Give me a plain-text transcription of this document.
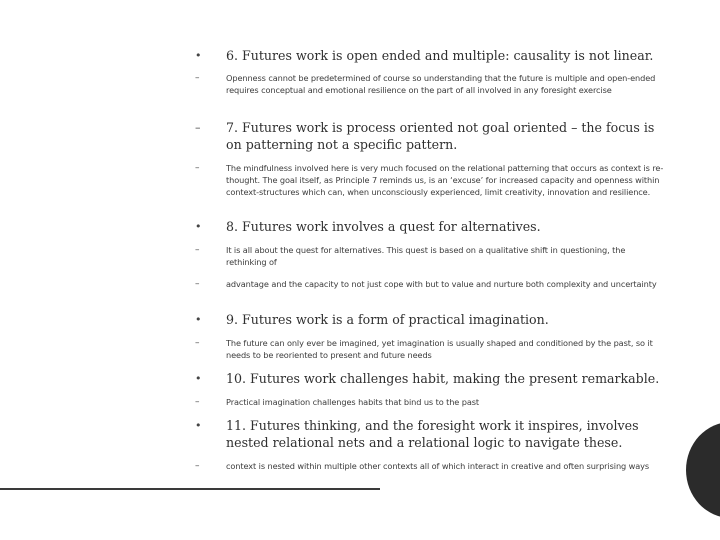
•	6. Futures work is open ended and multiple: causality is not linear.
–	Openness cannot be predetermined of course so understanding that the future is multiple and open-ended requires conceptual and emotional resilience on the part of all involved in any foresight exercise
–	7. Futures work is process oriented not goal oriented – the focus is on patterning not a specific pattern.
–	The mindfulness involved here is very much focused on the relational patterning that occurs as context is re-thought. The goal itself, as Principle 7 reminds us, is an ‘excuse’ for increased capacity and openness within context-structures which can, when unconsciously experienced, limit creativity, innovation and resilience.
•	8. Futures work involves a quest for alternatives.
–	It is all about the quest for alternatives. This quest is based on a qualitative shift in questioning, the rethinking of
–	advantage and the capacity to not just cope with but to value and nurture both complexity and uncertainty
•	9. Futures work is a form of practical imagination.
–	The future can only ever be imagined, yet imagination is usually shaped and conditioned by the past, so it needs to be reoriented to present and future needs
•	10. Futures work challenges habit, making the present remarkable.
–	Practical imagination challenges habits that bind us to the past
•	11. Futures thinking, and the foresight work it inspires, involves nested relational nets and a relational logic to navigate these.
–	context is nested within multiple other contexts all of which interact in creative and often surprising ways
